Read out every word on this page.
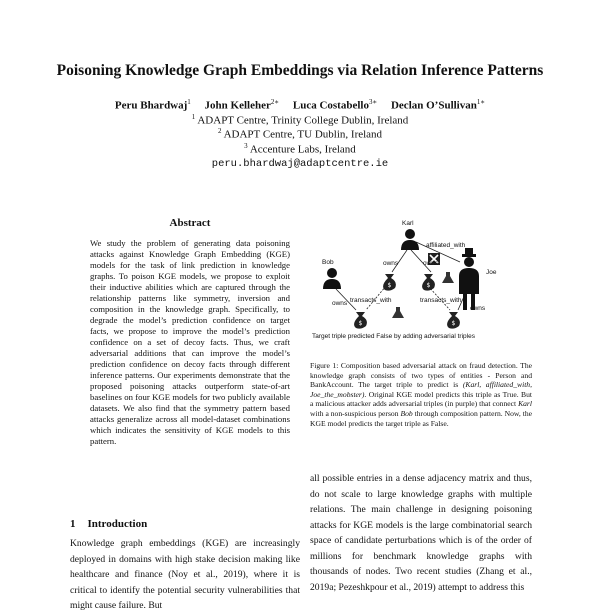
Poisoning Knowledge Graph Embeddings via Relation Inference Patterns
Peru Bhardwaj$^1$ John Kelleher$^{2∗}$ Luca Costabello$^{3∗}$ Declan O’Sullivan$^{1∗}$
$^1$ ADAPT Centre, Trinity College Dublin, Ireland
$^2$ ADAPT Centre, TU Dublin, Ireland
$^3$ Accenture Labs, Ireland
peru.bhardwaj@adaptcentre.ie
Abstract
We study the problem of generating data poisoning attacks against Knowledge Graph Embedding (KGE) models for the task of link prediction in knowledge graphs. To poison KGE models, we propose to exploit their inductive abilities which are captured through the relationship patterns like symmetry, inversion and composition in the knowledge graph. Specifically, to degrade the model’s prediction confidence on target facts, we propose to improve the model’s prediction confidence on a set of decoy facts. Thus, we craft adversarial additions that can improve the model’s prediction confidence on decoy facts through different inference patterns. Our experiments demonstrate that the proposed poisoning attacks outperform state-of-art baselines on four KGE models for two publicly available datasets. We also find that the symmetry pattern based attacks generalize across all model-dataset combinations which indicates the sensitivity of KGE models to this pattern.
1 Introduction
Knowledge graph embeddings (KGE) are increasingly deployed in domains with high stake decision making like healthcare and finance (Noy et al., 2019), where it is critical to identify the potential security vulnerabilities that might cause failure. But
Karl
Bob
Joe
affiliated_with
$	$
$	$
owns	owns
owns
owns
transacts_with	transacts_with
Target triple predicted False by adding adversarial triples
Figure 1: Composition based adversarial attack on fraud detection. The knowledge graph consists of two types of entities - Person and BankAccount. The target triple to predict is (Karl, affiliated_with, Joe_the_mobster). Original KGE model predicts this triple as True. But a malicious attacker adds adversarial triples (in purple) that connect Karl with a non-suspicious person Bob through composition pattern. Now, the KGE model predicts the target triple as False.
all possible entries in a dense adjacency matrix and thus, do not scale to large knowledge graphs with multiple relations. The main challenge in designing poisoning attacks for KGE models is the large combinatorial search space of candidate perturbations which is of the order of millions for benchmark knowledge graphs with thousands of nodes. Two recent studies (Zhang et al., 2019a; Pezeshkpour et al., 2019) attempt to address this
